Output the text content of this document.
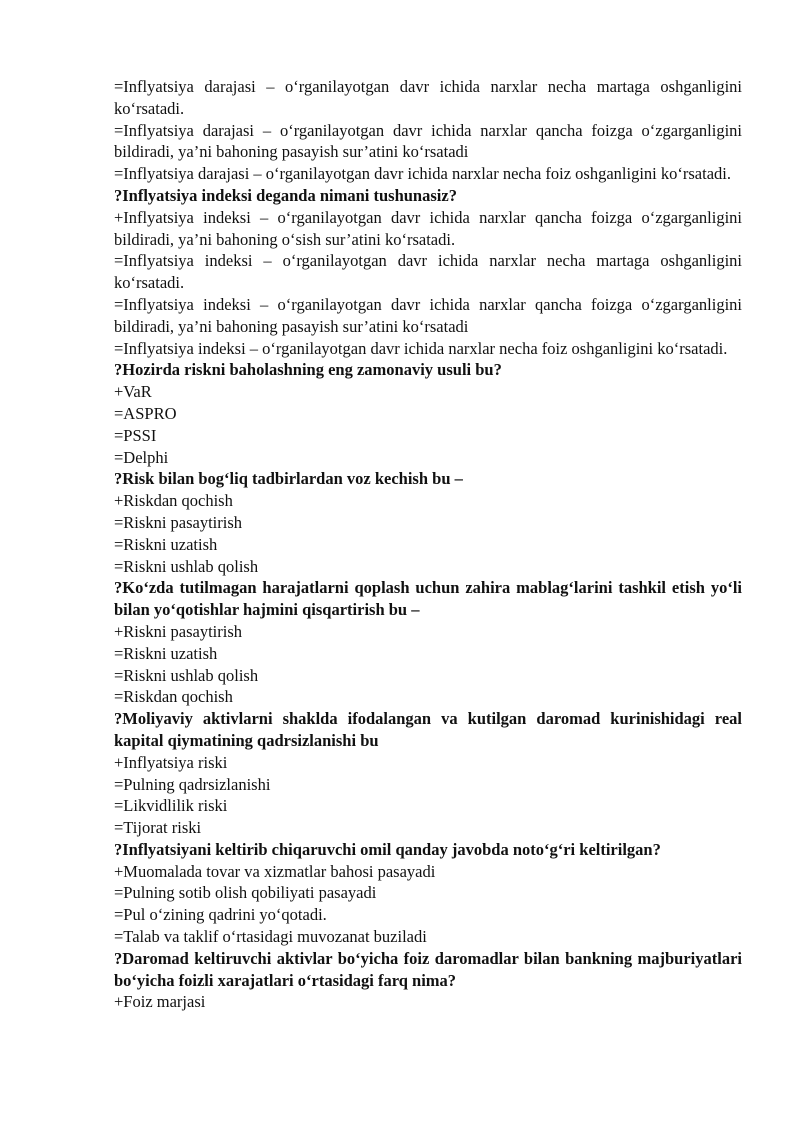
=Inflyatsiya darajasi – o‘rganilayotgan davr ichida narxlar necha martaga oshganligini ko‘rsatadi.

=Inflyatsiya darajasi – o‘rganilayotgan davr ichida narxlar qancha foizga o‘zgarganligini bildiradi, ya’ni bahoning pasayish sur’atini ko‘rsatadi

=Inflyatsiya darajasi – o‘rganilayotgan davr ichida narxlar necha foiz oshganligini ko‘rsatadi.

?Inflyatsiya indeksi deganda nimani tushunasiz?

+Inflyatsiya indeksi – o‘rganilayotgan davr ichida narxlar qancha foizga o‘zgarganligini bildiradi, ya’ni bahoning o‘sish sur’atini ko‘rsatadi.

=Inflyatsiya indeksi – o‘rganilayotgan davr ichida narxlar necha martaga oshganligini ko‘rsatadi.

=Inflyatsiya indeksi – o‘rganilayotgan davr ichida narxlar qancha foizga o‘zgarganligini bildiradi, ya’ni bahoning pasayish sur’atini ko‘rsatadi

=Inflyatsiya indeksi – o‘rganilayotgan davr ichida narxlar necha foiz oshganligini ko‘rsatadi.

?Hozirda riskni baholashning eng zamonaviy usuli bu?

+VaR

=ASPRO

=PSSI

=Delphi

?Risk bilan bog‘liq tadbirlardan voz kechish bu –

+Riskdan qochish

=Riskni pasaytirish

=Riskni uzatish

=Riskni ushlab qolish

?Ko‘zda tutilmagan harajatlarni qoplash uchun zahira mablag‘larini tashkil etish yo‘li bilan yo‘qotishlar hajmini qisqartirish bu –

+Riskni pasaytirish

=Riskni uzatish

=Riskni ushlab qolish

=Riskdan qochish

?Moliyaviy aktivlarni shaklda ifodalangan va kutilgan daromad kurinishidagi real kapital qiymatining qadrsizlanishi bu

+Inflyatsiya riski

=Pulning qadrsizlanishi

=Likvidlilik riski

=Tijorat riski

?Inflyatsiyani keltirib chiqaruvchi omil qanday javobda noto‘g‘ri keltirilgan?

+Muomalada tovar va xizmatlar bahosi pasayadi

=Pulning sotib olish qobiliyati pasayadi

=Pul o‘zining qadrini yo‘qotadi.

=Talab va taklif o‘rtasidagi muvozanat buziladi

?Daromad keltiruvchi aktivlar bo‘yicha foiz daromadlar bilan bankning majburiyatlari bo‘yicha foizli xarajatlari o‘rtasidagi farq nima?

+Foiz marjasi
